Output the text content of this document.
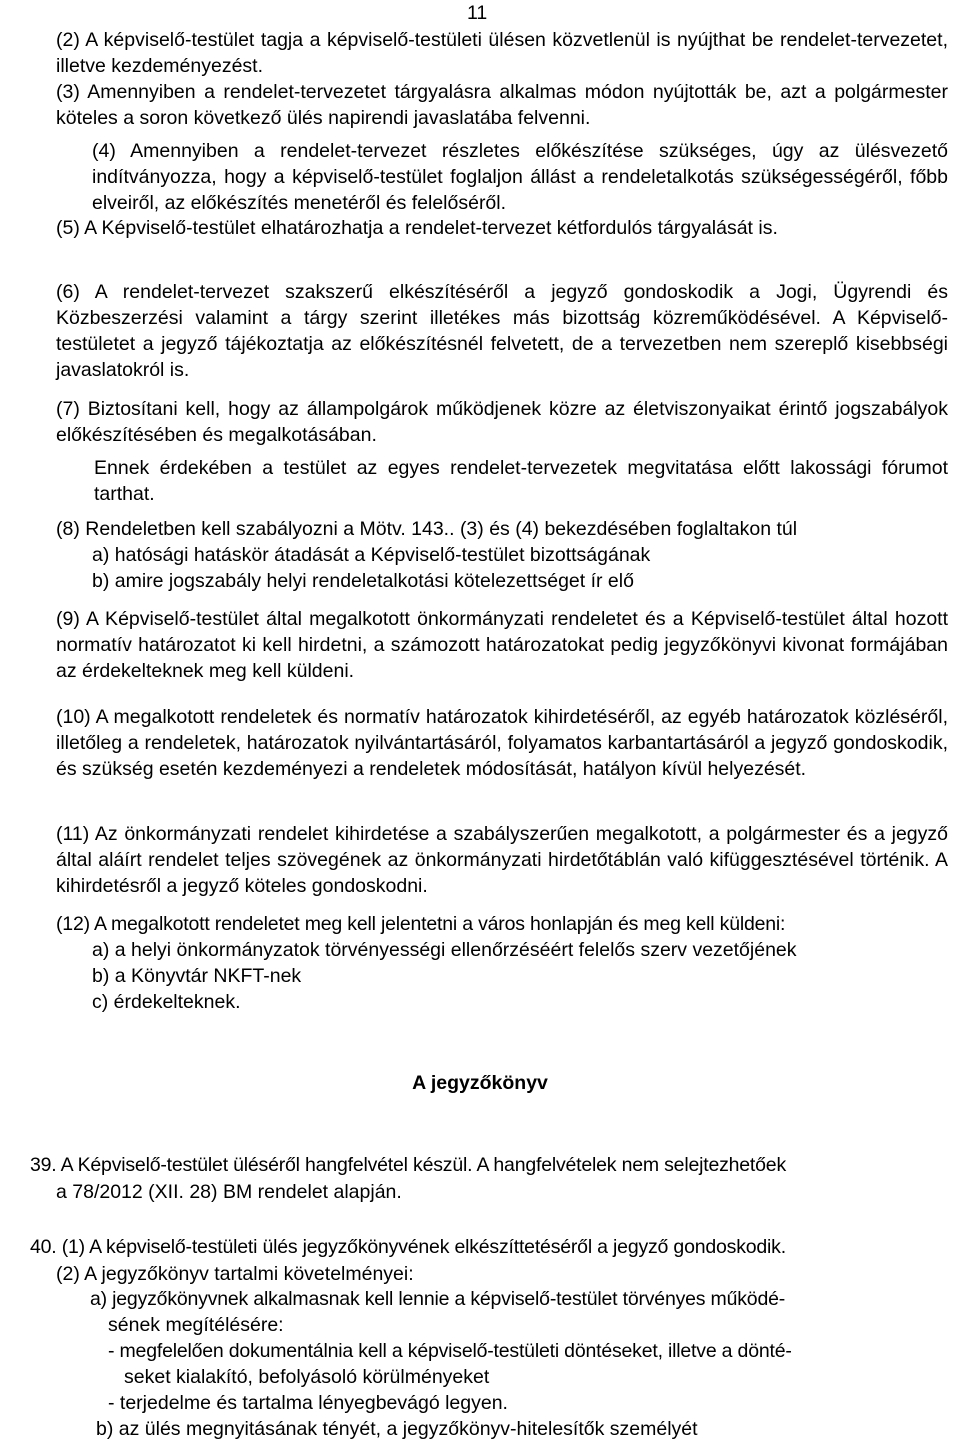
11
(2) A képviselő-testület tagja a képviselő-testületi ülésen közvetlenül is nyújthat be rendelet-tervezetet, illetve kezdeményezést.
(3) Amennyiben a rendelet-tervezetet tárgyalásra alkalmas módon nyújtották be, azt a polgármester köteles a soron következő ülés napirendi javaslatába felvenni.
(4) Amennyiben a rendelet-tervezet részletes előkészítése szükséges, úgy az ülésvezető indítványozza, hogy a képviselő-testület foglaljon állást a rendeletalkotás szükségességéről, főbb elveiről, az előkészítés menetéről és felelőséről.
(5) A Képviselő-testület elhatározhatja a rendelet-tervezet kétfordulós tárgyalását is.
(6) A rendelet-tervezet szakszerű elkészítéséről a jegyző gondoskodik a Jogi, Ügyrendi és Közbeszerzési valamint a tárgy szerint illetékes más bizottság közreműködésével. A Képviselő-testületet a jegyző tájékoztatja az előkészítésnél felvetett, de a tervezetben nem szereplő kisebbségi javaslatokról is.
(7) Biztosítani kell, hogy az állampolgárok működjenek közre az életviszonyaikat érintő jogszabályok előkészítésében és megalkotásában.
Ennek érdekében a testület az egyes rendelet-tervezetek megvitatása előtt lakossági fórumot tarthat.
(8) Rendeletben kell szabályozni a Mötv. 143.. (3) és (4) bekezdésében foglaltakon túl
a) hatósági hatáskör átadását a Képviselő-testület bizottságának
b) amire jogszabály helyi rendeletalkotási kötelezettséget ír elő
(9) A Képviselő-testület által megalkotott önkormányzati rendeletet és a Képviselő-testület által hozott normatív határozatot ki kell hirdetni, a számozott határozatokat pedig jegyzőkönyvi kivonat formájában az érdekelteknek meg kell küldeni.
(10) A megalkotott rendeletek és normatív határozatok kihirdetéséről, az egyéb határozatok közléséről, illetőleg a rendeletek, határozatok nyilvántartásáról, folyamatos karbantartásáról a jegyző gondoskodik, és szükség esetén kezdeményezi a rendeletek módosítását, hatályon kívül helyezését.
(11) Az önkormányzati rendelet kihirdetése a szabályszerűen megalkotott, a polgármester és a jegyző által aláírt rendelet teljes szövegének az önkormányzati hirdetőtáblán való kifüggesztésével történik. A kihirdetésről a jegyző köteles gondoskodni.
(12) A megalkotott rendeletet meg kell jelentetni a város honlapján és meg kell küldeni:
a) a helyi önkormányzatok törvényességi ellenőrzéséért felelős szerv vezetőjének
b) a Könyvtár NKFT-nek
c) érdekelteknek.
A jegyzőkönyv
39. A Képviselő-testület üléséről hangfelvétel készül. A hangfelvételek nem selejtezhetőek
a 78/2012 (XII. 28) BM rendelet alapján.
40. (1) A képviselő-testületi ülés jegyzőkönyvének elkészíttetéséről a jegyző gondoskodik.
(2) A jegyzőkönyv tartalmi követelményei:
a) jegyzőkönyvnek alkalmasnak kell lennie a képviselő-testület törvényes működé-
sének megítélésére:
- megfelelően dokumentálnia kell a képviselő-testületi döntéseket, illetve a dönté-
seket kialakító, befolyásoló körülményeket
- terjedelme és tartalma lényegbevágó legyen.
b) az ülés megnyitásának tényét, a jegyzőkönyv-hitelesítők személyét
